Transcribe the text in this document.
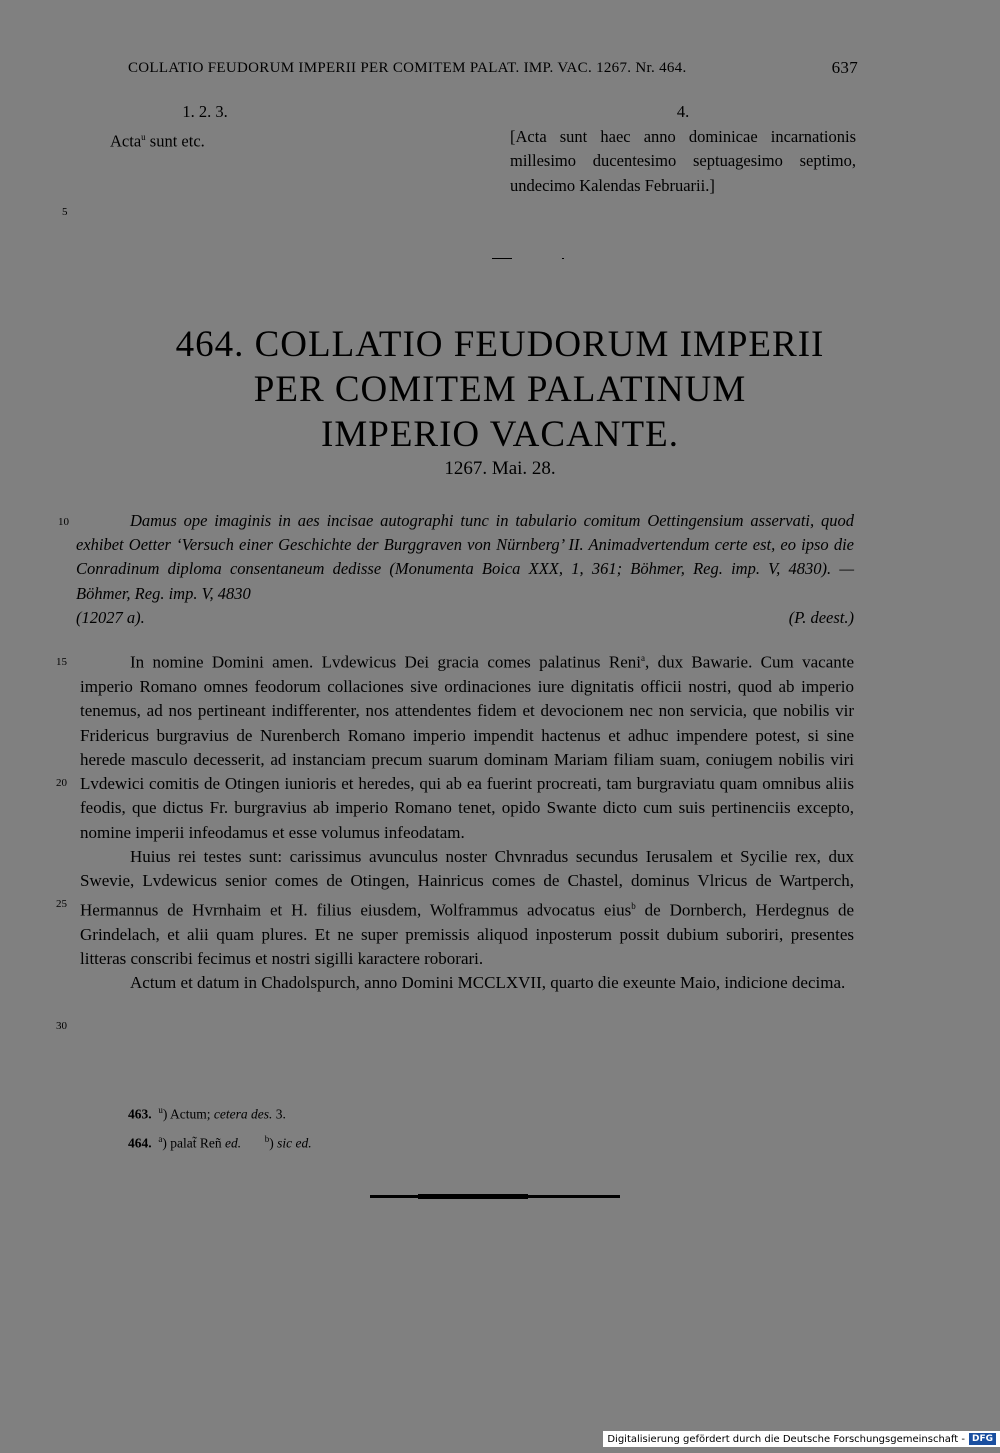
COLLATIO FEUDORUM IMPERII PER COMITEM PALAT. IMP. VAC. 1267. Nr. 464.	637
1. 2. 3.
Acta$^u$ sunt etc.
4.
[Acta sunt haec anno dominicae incarnationis millesimo ducentesimo septuagesimo septimo, undecimo Kalendas Februarii.]
5
10
15
20
25
30
464. COLLATIO FEUDORUM IMPERII
PER COMITEM PALATINUM
IMPERIO VACANTE.
1267. Mai. 28.

Damus ope imaginis in aes incisae autographi tunc in tabulario comitum Oettingensium asservati, quod exhibet Oetter ‘Versuch einer Geschichte der Burggraven von Nürnberg’ II. Animadvertendum certe est, eo ipso die Conradinum diploma consentaneum dedisse (Monumenta Boica XXX, 1, 361; Böhmer, Reg. imp. V, 4830). — Böhmer, Reg. imp. V, 4830

(12027 a).	(P. deest.)

In nomine Domini amen. Lvdewicus Dei gracia comes palatinus Reni$^a$, dux Bawarie. Cum vacante imperio Romano omnes feodorum collaciones sive ordinaciones iure dignitatis officii nostri, quod ab imperio tenemus, ad nos pertineant indifferenter, nos attendentes fidem et devocionem nec non servicia, que nobilis vir Fridericus burgravius de Nurenberch Romano imperio impendit hactenus et adhuc impendere potest, si sine herede masculo decesserit, ad instanciam precum suarum dominam Mariam filiam suam, coniugem nobilis viri Lvdewici comitis de Otingen iunioris et heredes, qui ab ea fuerint procreati, tam burgraviatu quam omnibus aliis feodis, que dictus Fr. burgravius ab imperio Romano tenet, opido Swante dicto cum suis pertinenciis excepto, nomine imperii infeodamus et esse volumus infeodatam.

Huius rei testes sunt: carissimus avunculus noster Chvnradus secundus Ierusalem et Sycilie rex, dux Swevie, Lvdewicus senior comes de Otingen, Hainricus comes de Chastel, dominus Vlricus de Wartperch, Hermannus de Hvrnhaim et H. filius eiusdem, Wolframmus advocatus eius$^b$ de Dornberch, Herdegnus de Grindelach, et alii quam plures. Et ne super premissis aliquod inposterum possit dubium suboriri, presentes litteras conscribi fecimus et nostri sigilli karactere roborari.

Actum et datum in Chadolspurch, anno Domini MCCLXVII, quarto die exeunte Maio, indicione decima.

463. $^u$) Actum; cetera des. 3.
464. $^a$) palat̃ Reñ ed.	$^b$) sic ed.
Digitalisierung gefördert durch die Deutsche Forschungsgemeinschaft - DFG
